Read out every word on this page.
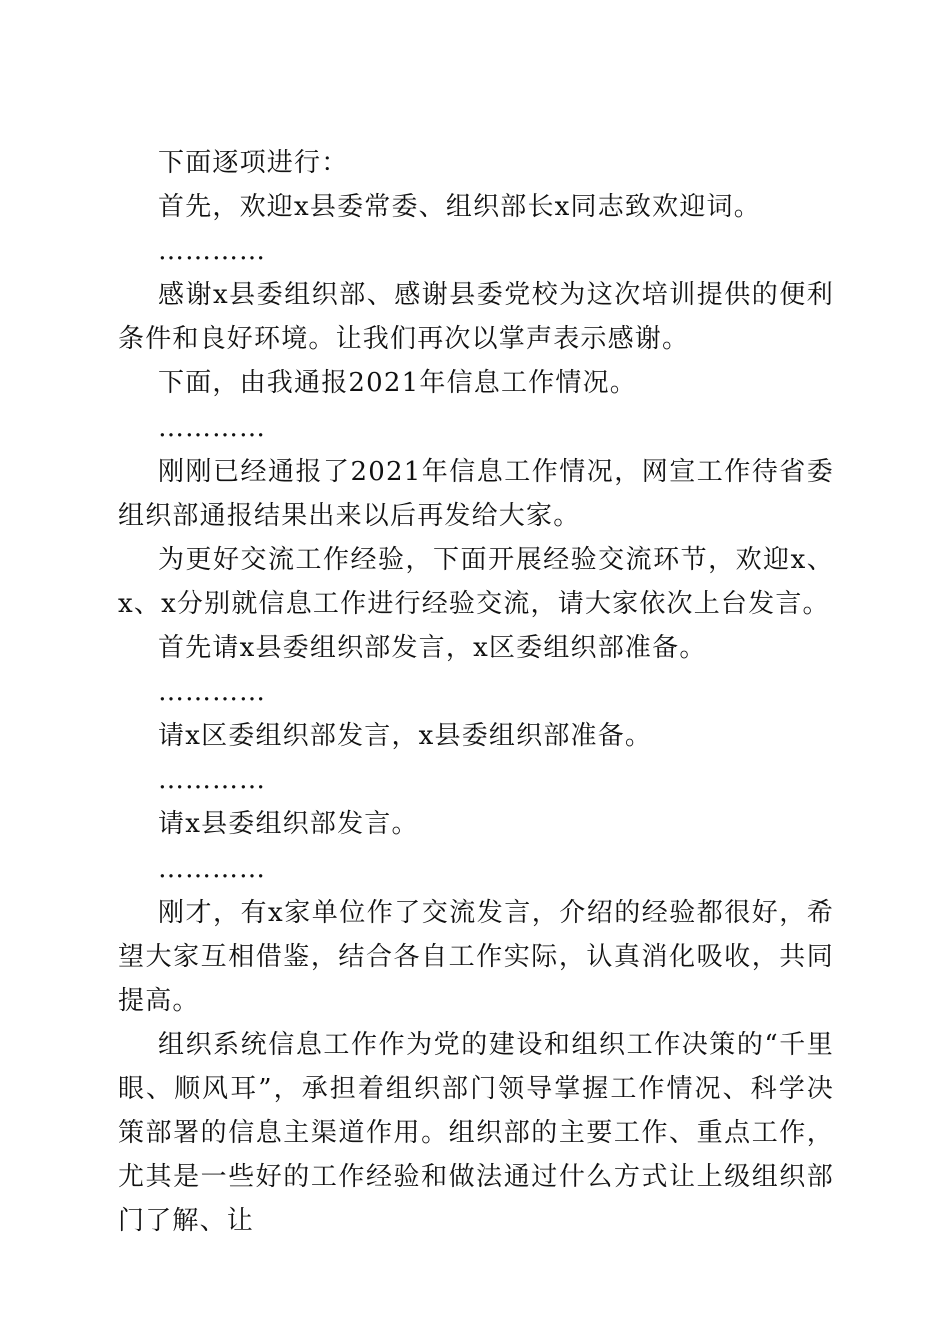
下面逐项进行：

首先，欢迎x县委常委、组织部长x同志致欢迎词。

…………

感谢x县委组织部、感谢县委党校为这次培训提供的便利条件和良好环境。让我们再次以掌声表示感谢。

下面，由我通报2021年信息工作情况。

…………

刚刚已经通报了2021年信息工作情况，网宣工作待省委组织部通报结果出来以后再发给大家。

为更好交流工作经验，下面开展经验交流环节，欢迎x、x、x分别就信息工作进行经验交流，请大家依次上台发言。

首先请x县委组织部发言，x区委组织部准备。

…………

请x区委组织部发言，x县委组织部准备。

…………

请x县委组织部发言。

…………

刚才，有x家单位作了交流发言，介绍的经验都很好，希望大家互相借鉴，结合各自工作实际，认真消化吸收，共同提高。

组织系统信息工作作为党的建设和组织工作决策的“千里眼、顺风耳”，承担着组织部门领导掌握工作情况、科学决策部署的信息主渠道作用。组织部的主要工作、重点工作，尤其是一些好的工作经验和做法通过什么方式让上级组织部门了解、让
